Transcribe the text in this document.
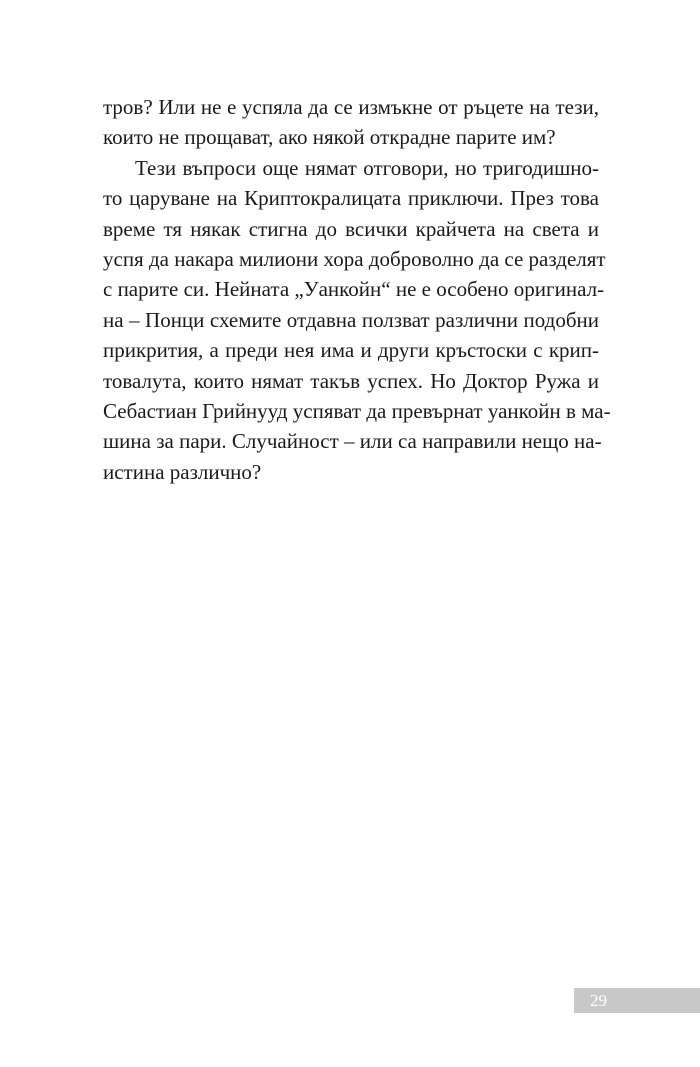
тров? Или не е успяла да се измъкне от ръцете на тези,
които не прощават, ако някой открадне парите им?
Тези въпроси още нямат отговори, но тригодишно-
то царуване на Криптокралицата приключи. През това
време тя някак стигна до всички крайчета на света и
успя да накара милиони хора доброволно да се разделят
с парите си. Нейната „Уанкойн“ не е особено оригинал-
на – Понци схемите отдавна ползват различни подобни
прикрития, а преди нея има и други кръстоски с крип-
товалута, които нямат такъв успех. Но Доктор Ружа и
Себастиан Грийнууд успяват да превърнат уанкойн в ма-
шина за пари. Случайност – или са направили нещо на-
истина различно?
29
